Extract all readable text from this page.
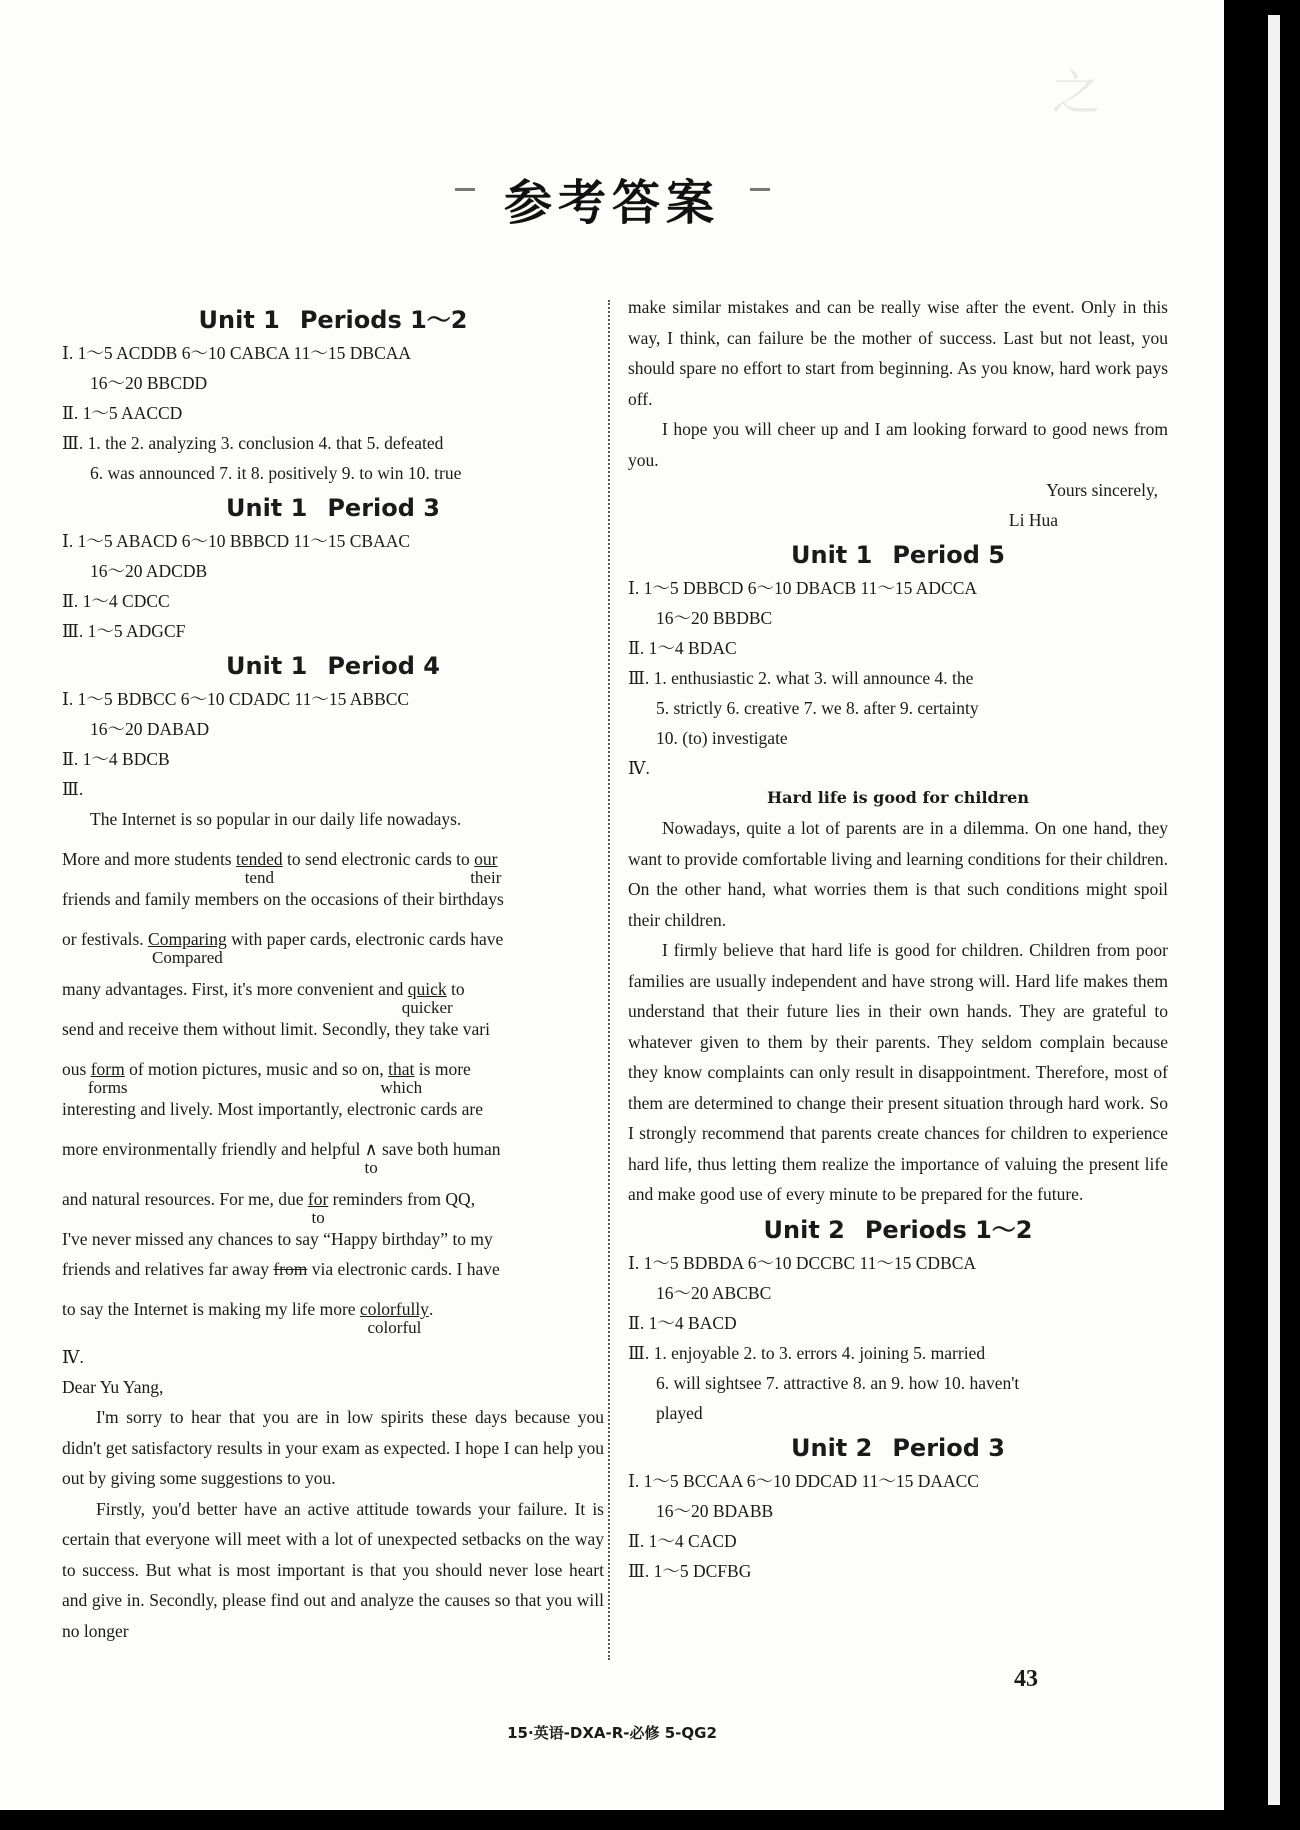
之
参考答案
Unit 1 Periods 1～2
Ⅰ. 1～5 ACDDB 6～10 CABCA 11～15 DBCAA
16～20 BBCDD
Ⅱ. 1～5 AACCD
Ⅲ. 1. the 2. analyzing 3. conclusion 4. that 5. defeated
6. was announced 7. it 8. positively 9. to win 10. true
Unit 1 Period 3
Ⅰ. 1～5 ABACD 6～10 BBBCD 11～15 CBAAC
16～20 ADCDB
Ⅱ. 1～4 CDCC
Ⅲ. 1～5 ADGCF
Unit 1 Period 4
Ⅰ. 1～5 BDBCC 6～10 CDADC 11～15 ABBCC
16～20 DABAD
Ⅱ. 1～4 BDCB
Ⅲ.
The Internet is so popular in our daily life nowadays.
More and more students tended
tend
to send electronic cards to our
their
friends and family members on the occasions of their birthdays
or festivals. Comparing
Compared
with paper cards, electronic cards have
many advantages. First, it's more convenient and quick
quicker
to
send and receive them without limit. Secondly, they take vari
ous form
forms
of motion pictures, music and so on, that
which
is more
interesting and lively. Most importantly, electronic cards are
more environmentally friendly and helpful ∧
to
save both human
and natural resources. For me, due for
to
reminders from QQ,
I've never missed any chances to say “Happy birthday” to my
friends and relatives far away from via electronic cards. I have
to say the Internet is making my life more colorfully
colorful
.
Ⅳ.
Dear Yu Yang,

I'm sorry to hear that you are in low spirits these days because you didn't get satisfactory results in your exam as expected. I hope I can help you out by giving some suggestions to you.

Firstly, you'd better have an active attitude towards your failure. It is certain that everyone will meet with a lot of unexpected setbacks on the way to success. But what is most important is that you should never lose heart and give in. Secondly, please find out and analyze the causes so that you will no longer

make similar mistakes and can be really wise after the event. Only in this way, I think, can failure be the mother of success. Last but not least, you should spare no effort to start from beginning. As you know, hard work pays off.

I hope you will cheer up and I am looking forward to good news from you.

Yours sincerely,
Li Hua
Unit 1 Period 5
Ⅰ. 1～5 DBBCD 6～10 DBACB 11～15 ADCCA
16～20 BBDBC
Ⅱ. 1～4 BDAC
Ⅲ. 1. enthusiastic 2. what 3. will announce 4. the
5. strictly 6. creative 7. we 8. after 9. certainty
10. (to) investigate
Ⅳ.
Hard life is good for children

Nowadays, quite a lot of parents are in a dilemma. On one hand, they want to provide comfortable living and learning conditions for their children. On the other hand, what worries them is that such conditions might spoil their children.

I firmly believe that hard life is good for children. Children from poor families are usually independent and have strong will. Hard life makes them understand that their future lies in their own hands. They are grateful to whatever given to them by their parents. They seldom complain because they know complaints can only result in disappointment. Therefore, most of them are determined to change their present situation through hard work. So I strongly recommend that parents create chances for children to experience hard life, thus letting them realize the importance of valuing the present life and make good use of every minute to be prepared for the future.

Unit 2 Periods 1～2
Ⅰ. 1～5 BDBDA 6～10 DCCBC 11～15 CDBCA
16～20 ABCBC
Ⅱ. 1～4 BACD
Ⅲ. 1. enjoyable 2. to 3. errors 4. joining 5. married
6. will sightsee 7. attractive 8. an 9. how 10. haven't
played
Unit 2 Period 3
Ⅰ. 1～5 BCCAA 6～10 DDCAD 11～15 DAACC
16～20 BDABB
Ⅱ. 1～4 CACD
Ⅲ. 1～5 DCFBG
43
15·英语-DXA-R-必修 5-QG2
